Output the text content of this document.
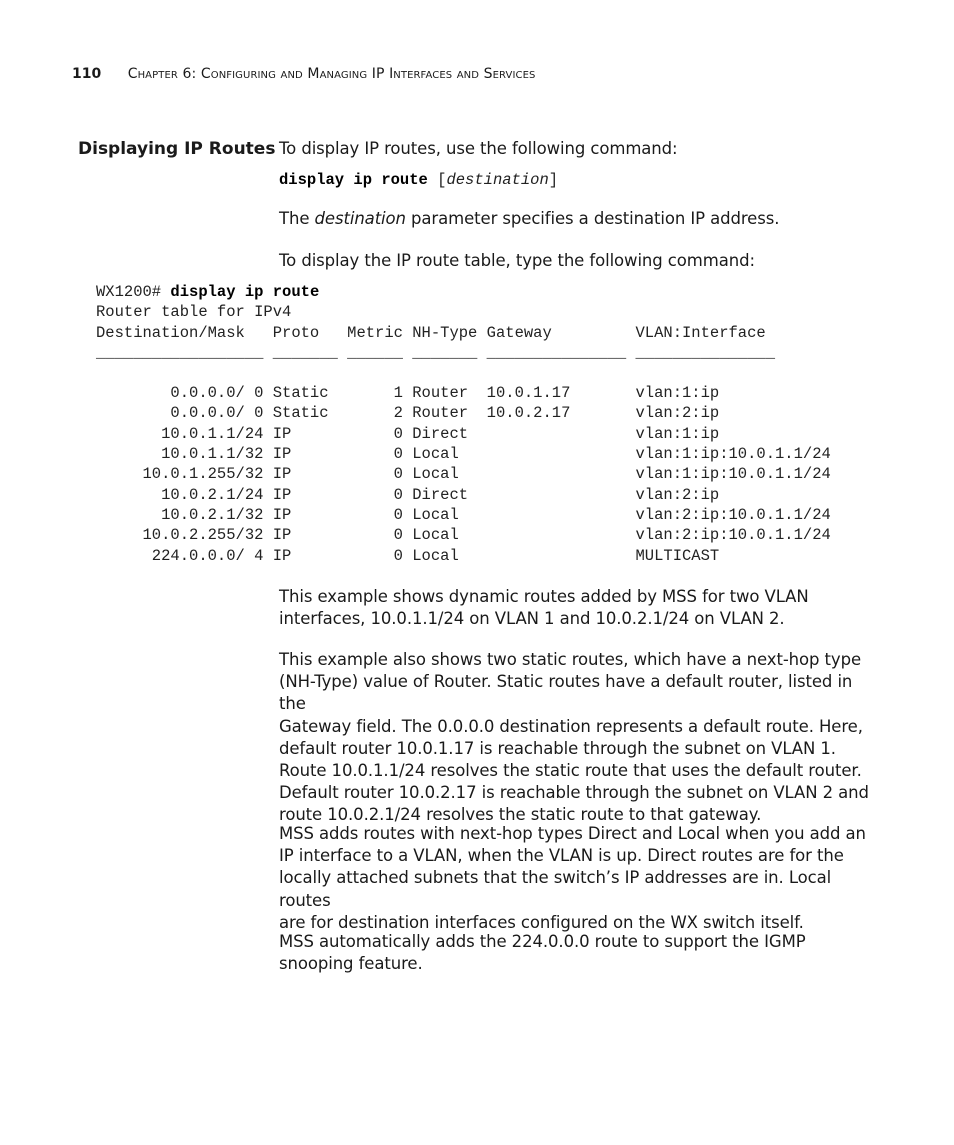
110 Chapter 6: Configuring and Managing IP Interfaces and Services
Displaying IP Routes To display IP routes, use the following command:

display ip route [destination]

The destination parameter specifies a destination IP address.

To display the IP route table, type the following command:

WX1200# display ip route

Router table for IPv4

Destination/Mask   Proto   Metric NH-Type Gateway         VLAN:Interface

__________________ _______ ______ _______ _______________ _______________

0.0.0.0/ 0 Static       1 Router  10.0.1.17       vlan:1:ip

0.0.0.0/ 0 Static       2 Router  10.0.2.17       vlan:2:ip

10.0.1.1/24 IP           0 Direct                  vlan:1:ip

10.0.1.1/32 IP           0 Local                   vlan:1:ip:10.0.1.1/24

10.0.1.255/32 IP           0 Local                   vlan:1:ip:10.0.1.1/24

10.0.2.1/24 IP           0 Direct                  vlan:2:ip

10.0.2.1/32 IP           0 Local                   vlan:2:ip:10.0.1.1/24

10.0.2.255/32 IP           0 Local                   vlan:2:ip:10.0.1.1/24

224.0.0.0/ 4 IP           0 Local                   MULTICAST

This example shows dynamic routes added by MSS for two VLAN

interfaces, 10.0.1.1/24 on VLAN 1 and 10.0.2.1/24 on VLAN 2.

This example also shows two static routes, which have a next-hop type

(NH-Type) value of Router. Static routes have a default router, listed in the

Gateway field. The 0.0.0.0 destination represents a default route. Here,

default router 10.0.1.17 is reachable through the subnet on VLAN 1.

Route 10.0.1.1/24 resolves the static route that uses the default router.

Default router 10.0.2.17 is reachable through the subnet on VLAN 2 and

route 10.0.2.1/24 resolves the static route to that gateway.

MSS adds routes with next-hop types Direct and Local when you add an

IP interface to a VLAN, when the VLAN is up. Direct routes are for the

locally attached subnets that the switch’s IP addresses are in. Local routes

are for destination interfaces configured on the WX switch itself.

MSS automatically adds the 224.0.0.0 route to support the IGMP

snooping feature.
